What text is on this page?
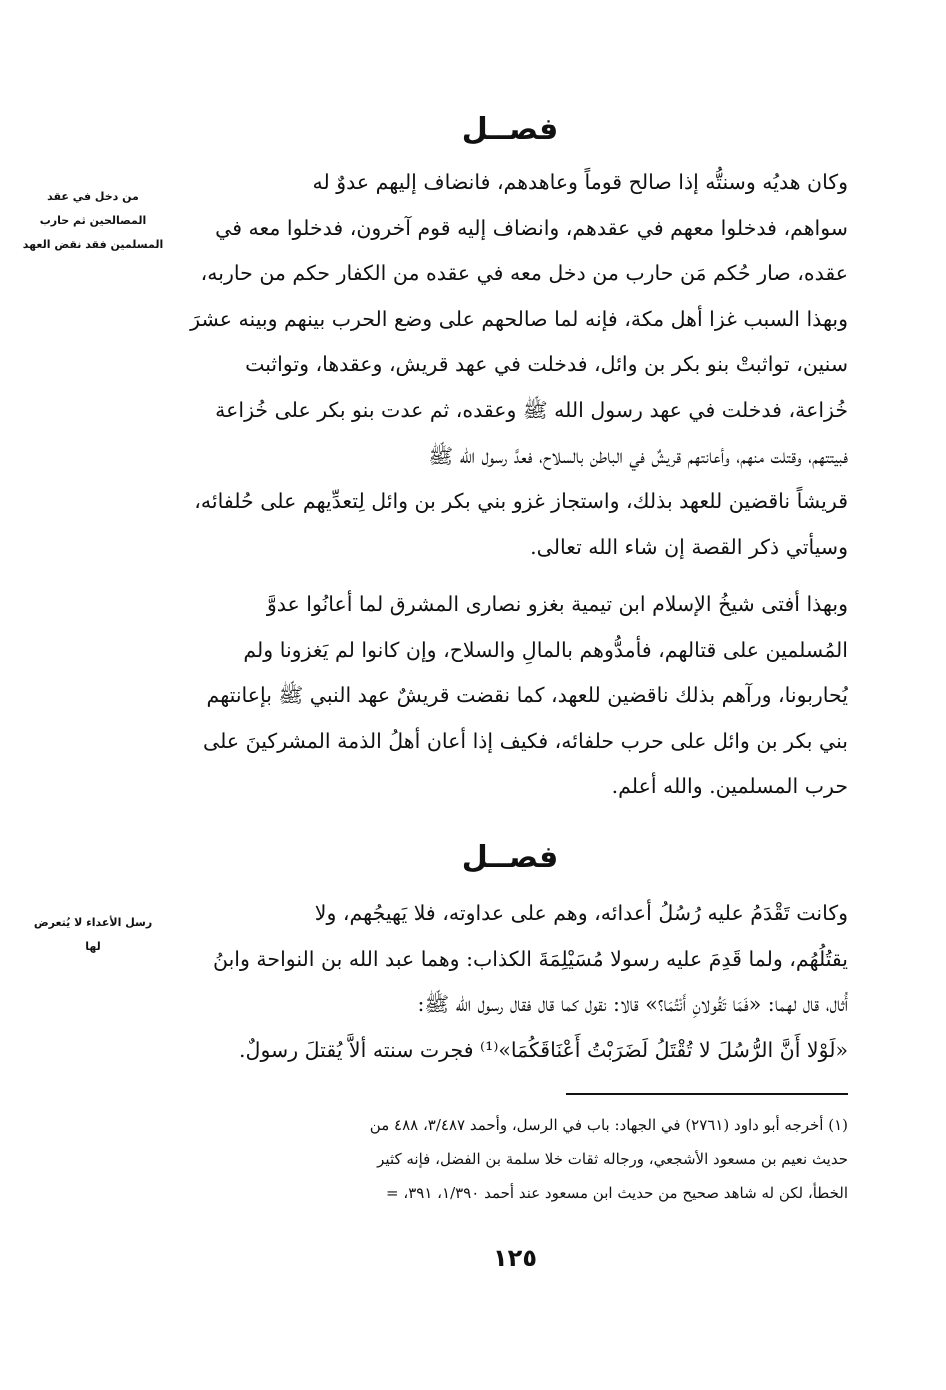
فصــل
من دخل في عقد
المصالحين ثم حارب
المسلمين فقد نقض العهد
وكان هديُه وسنتُّه إذا صالح قوماً وعاهدهم، فانضاف إليهم عدوٌ له
سواهم، فدخلوا معهم في عقدهم، وانضاف إليه قوم آخرون، فدخلوا معه في
عقده، صار حُكم مَن حارب من دخل معه في عقده من الكفار حكم من حاربه،
وبهذا السبب غزا أهل مكة، فإنه لما صالحهم على وضع الحرب بينهم وبينه عشرَ
سنين، تواثبتْ بنو بكر بن وائل، فدخلت في عهد قريش، وعقدها، وتواثبت
خُزاعة، فدخلت في عهد رسول الله ﷺ وعقده، ثم عدت بنو بكر على خُزاعة
فبيتتهم، وقتلت منهم، وأعانتهم قريشٌ في الباطن بالسلاح، فعدَّ رسول الله ﷺ
قريشاً ناقضين للعهد بذلك، واستجاز غزو بني بكر بن وائل لِتعدِّيهم على حُلفائه،
وسيأتي ذكر القصة إن شاء الله تعالى.
وبهذا أفتى شيخُ الإسلام ابن تيمية بغزو نصارى المشرق لما أعانُوا عدوَّ
المُسلمين على قتالهم، فأمدُّوهم بالمالِ والسلاح، وإن كانوا لم يَغزونا ولم
يُحاربونا، ورآهم بذلك ناقضين للعهد، كما نقضت قريشٌ عهد النبي ﷺ بإعانتهم
بني بكر بن وائل على حرب حلفائه، فكيف إذا أعان أهلُ الذمة المشركينَ على
حرب المسلمين. والله أعلم.
فصــل
رسل الأعداء لا يُتعرض
لها
وكانت تَقْدَمُ عليه رُسُلُ أعدائه، وهم على عداوته، فلا يَهيجُهم، ولا
يقتُلُهُم، ولما قَدِمَ عليه رسولا مُسَيْلِمَةَ الكذاب: وهما عبد الله بن النواحة وابنُ
أُثال، قال لهما: «فَمَا تَقُولانِ أَنْتُمَا؟» قالا: نقول كما قال فقال رسول الله ﷺ:
«لَوْلا أَنَّ الرُّسُلَ لا تُقْتَلُ لَضَرَبْتُ أَعْنَاقَكُمَا»⁽¹⁾ فجرت سنته ألاَّ يُقتلَ رسولٌ.
(١) أخرجه أبو داود (٢٧٦١) في الجهاد: باب في الرسل، وأحمد ٣/٤٨٧، ٤٨٨ من
حديث نعيم بن مسعود الأشجعي، ورجاله ثقات خلا سلمة بن الفضل، فإنه كثير
الخطأ، لكن له شاهد صحيح من حديث ابن مسعود عند أحمد ١/٣٩٠، ٣٩١، =
١٢٥
